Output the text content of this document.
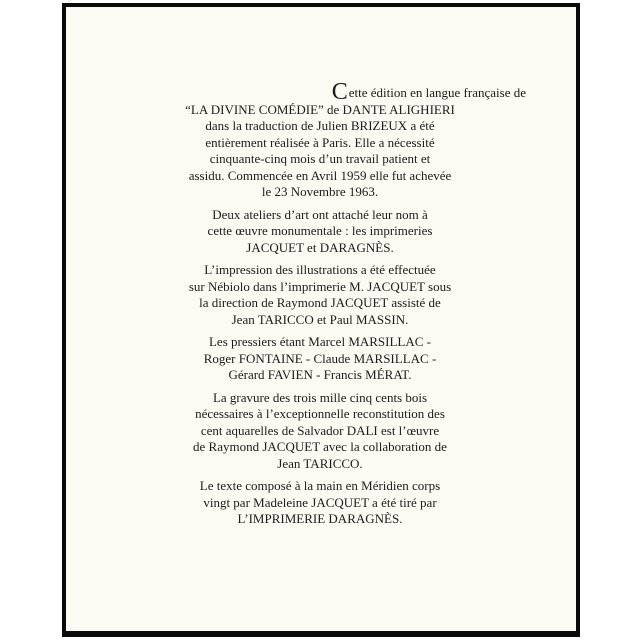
Cette édition en langue française de
“LA DIVINE COMÉDIE” de DANTE ALIGHIERI
dans la traduction de Julien BRIZEUX a été
entièrement réalisée à Paris. Elle a nécessité
cinquante-cinq mois d’un travail patient et
assidu. Commencée en Avril 1959 elle fut achevée
le 23 Novembre 1963.
Deux ateliers d’art ont attaché leur nom à
cette œuvre monumentale : les imprimeries
JACQUET et DARAGNÈS.
L’impression des illustrations a été effectuée
sur Nébiolo dans l’imprimerie M. JACQUET sous
la direction de Raymond JACQUET assisté de
Jean TARICCO et Paul MASSIN.
Les pressiers étant Marcel MARSILLAC -
Roger FONTAINE - Claude MARSILLAC -
Gérard FAVIEN - Francis MÉRAT.
La gravure des trois mille cinq cents bois
nécessaires à l’exceptionnelle reconstitution des
cent aquarelles de Salvador DALI est l’œuvre
de Raymond JACQUET avec la collaboration de
Jean TARICCO.
Le texte composé à la main en Méridien corps
vingt par Madeleine JACQUET a été tiré par
L’IMPRIMERIE DARAGNÈS.
